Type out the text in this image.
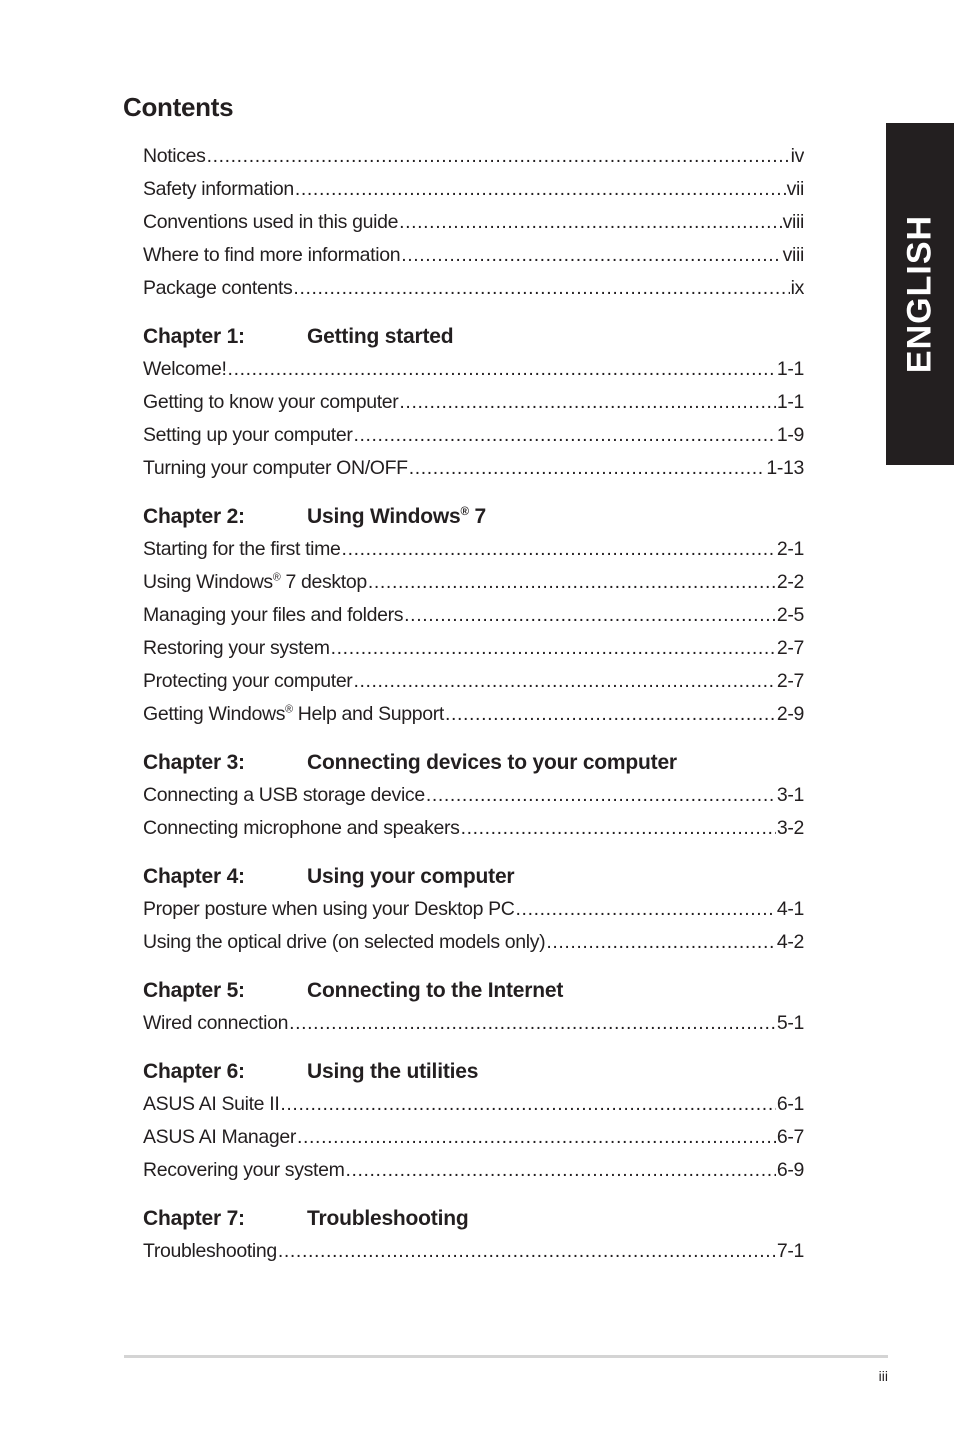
Contents
Notices .....	iv
Safety information .....	vii
Conventions used in this guide .....	viii
Where to find more information .....	viii
Package contents .....	ix
Chapter 1:	Getting started
Welcome! .....	1-1
Getting to know your computer .....	1-1
Setting up your computer .....	1-9
Turning your computer ON/OFF .....	1-13
Chapter 2:	Using Windows® 7
Starting for the first time .....	2-1
Using Windows® 7 desktop .....	2-2
Managing your files and folders .....	2-5
Restoring your system .....	2-7
Protecting your computer .....	2-7
Getting Windows® Help and Support .....	2-9
Chapter 3:	Connecting devices to your computer
Connecting a USB storage device .....	3-1
Connecting microphone and speakers .....	3-2
Chapter 4:	Using your computer
Proper posture when using your Desktop PC .....	4-1
Using the optical drive (on selected models only) .....	4-2
Chapter 5:	Connecting to the Internet
Wired connection .....	5-1
Chapter 6:	Using the utilities
ASUS AI Suite II .....	6-1
ASUS AI Manager .....	6-7
Recovering your system .....	6-9
Chapter 7:	Troubleshooting
Troubleshooting .....	7-1
ENGLISH
iii
